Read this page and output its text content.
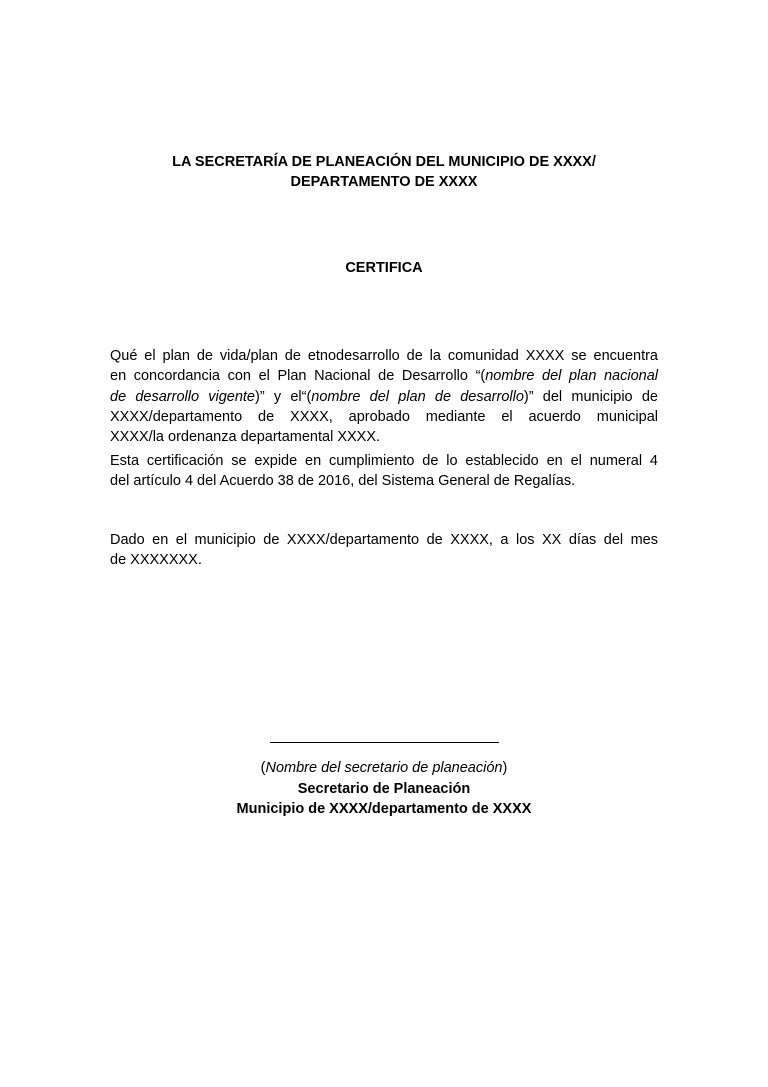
LA SECRETARÍA DE PLANEACIÓN DEL MUNICIPIO DE XXXX/
DEPARTAMENTO DE XXXX
CERTIFICA
Qué el plan de vida/plan de etnodesarrollo de la comunidad XXXX se encuentra
en concordancia con el Plan Nacional de Desarrollo “(nombre del plan nacional
de desarrollo vigente)” y el“(nombre del plan de desarrollo)” del municipio de
XXXX/departamento de XXXX, aprobado mediante el acuerdo municipal
XXXX/la ordenanza departamental XXXX.
Esta certificación se expide en cumplimiento de lo establecido en el numeral 4
del artículo 4 del Acuerdo 38 de 2016, del Sistema General de Regalías.
Dado en el municipio de XXXX/departamento de XXXX, a los XX días del mes
de XXXXXXX.
(Nombre del secretario de planeación)
Secretario de Planeación
Municipio de XXXX/departamento de XXXX
